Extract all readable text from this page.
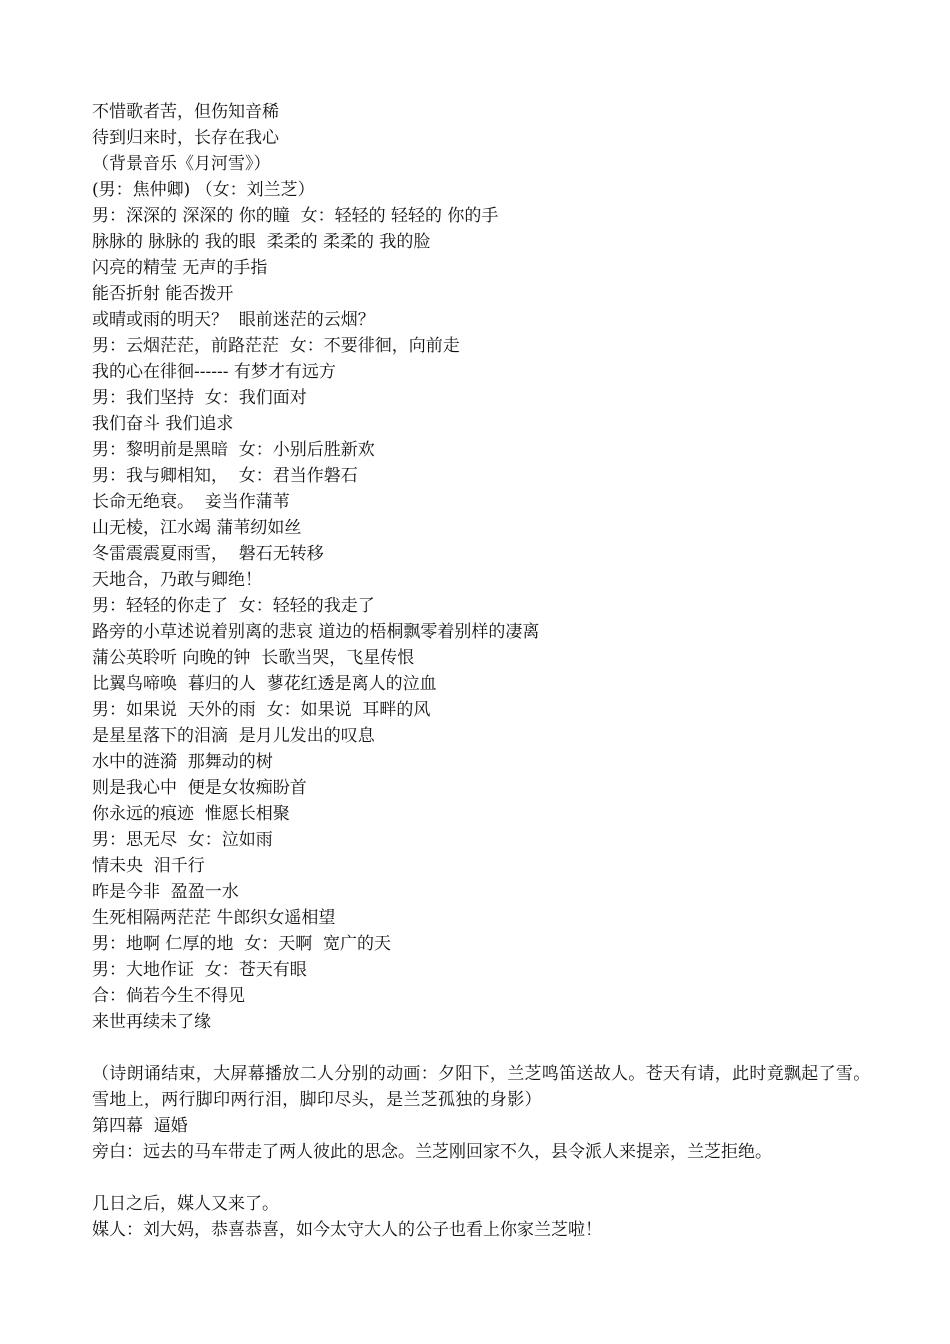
不惜歌者苦，但伤知音稀
待到归来时，长存在我心
（背景音乐《月河雪》）
(男：焦仲卿) （女：刘兰芝）
男：深深的 深深的 你的瞳  女：轻轻的 轻轻的 你的手
脉脉的 脉脉的 我的眼  柔柔的 柔柔的 我的脸
闪亮的精莹 无声的手指
能否折射 能否拨开
或晴或雨的明天？  眼前迷茫的云烟？
男：云烟茫茫，前路茫茫  女：不要徘徊，向前走
我的心在徘徊------ 有梦才有远方
男：我们坚持  女：我们面对
我们奋斗 我们追求
男：黎明前是黑暗  女：小别后胜新欢
男：我与卿相知，  女：君当作磐石
长命无绝衰。  妾当作蒲苇
山无棱，江水竭 蒲苇纫如丝
冬雷震震夏雨雪，  磐石无转移
天地合，乃敢与卿绝！
男：轻轻的你走了  女：轻轻的我走了
路旁的小草述说着别离的悲哀 道边的梧桐飘零着别样的凄离
蒲公英聆听 向晚的钟  长歌当哭，飞星传恨
比翼鸟啼唤  暮归的人  蓼花红透是离人的泣血
男：如果说  天外的雨  女：如果说  耳畔的风
是星星落下的泪滴  是月儿发出的叹息
水中的涟漪  那舞动的树
则是我心中  便是女妆痴盼首
你永远的痕迹  惟愿长相聚
男：思无尽  女：泣如雨
情未央  泪千行
昨是今非  盈盈一水
生死相隔两茫茫 牛郎织女遥相望
男：地啊 仁厚的地  女：天啊  宽广的天
男：大地作证  女：苍天有眼
合：倘若今生不得见
来世再续未了缘
（诗朗诵结束，大屏幕播放二人分别的动画：夕阳下，兰芝鸣笛送故人。苍天有请，此时竟飘起了雪。雪地上，两行脚印两行泪，脚印尽头，是兰芝孤独的身影）
第四幕  逼婚
旁白：远去的马车带走了两人彼此的思念。兰芝刚回家不久，县令派人来提亲，兰芝拒绝。
几日之后，媒人又来了。
媒人：刘大妈，恭喜恭喜，如今太守大人的公子也看上你家兰芝啦！
